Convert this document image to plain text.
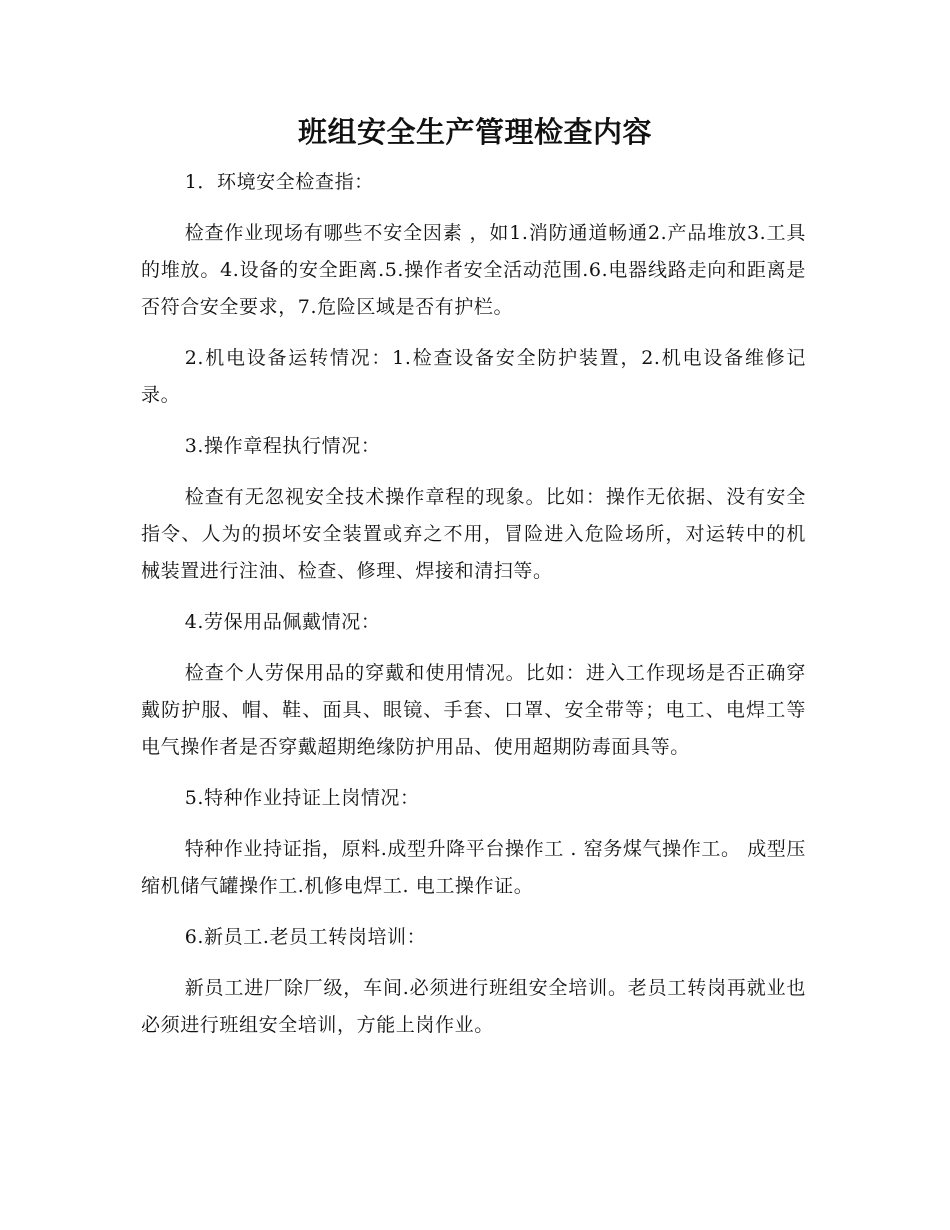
班组安全生产管理检查内容

1．环境安全检查指：

检查作业现场有哪些不安全因素 ，如1.消防通道畅通2.产品堆放3.工具的堆放。4.设备的安全距离.5.操作者安全活动范围.6.电器线路走向和距离是否符合安全要求，7.危险区域是否有护栏。

2.机电设备运转情况：1.检查设备安全防护装置，2.机电设备维修记录。

3.操作章程执行情况：

检查有无忽视安全技术操作章程的现象。比如：操作无依据、没有安全指令、人为的损坏安全装置或弃之不用，冒险进入危险场所，对运转中的机械装置进行注油、检查、修理、焊接和清扫等。

4.劳保用品佩戴情况：

检查个人劳保用品的穿戴和使用情况。比如：进入工作现场是否正确穿戴防护服、帽、鞋、面具、眼镜、手套、口罩、安全带等；电工、电焊工等电气操作者是否穿戴超期绝缘防护用品、使用超期防毒面具等。

5.特种作业持证上岗情况：

特种作业持证指，原料.成型升降平台操作工 . 窑务煤气操作工。 成型压缩机储气罐操作工.机修电焊工. 电工操作证。

6.新员工.老员工转岗培训：

新员工进厂除厂级，车间.必须进行班组安全培训。老员工转岗再就业也必须进行班组安全培训，方能上岗作业。
